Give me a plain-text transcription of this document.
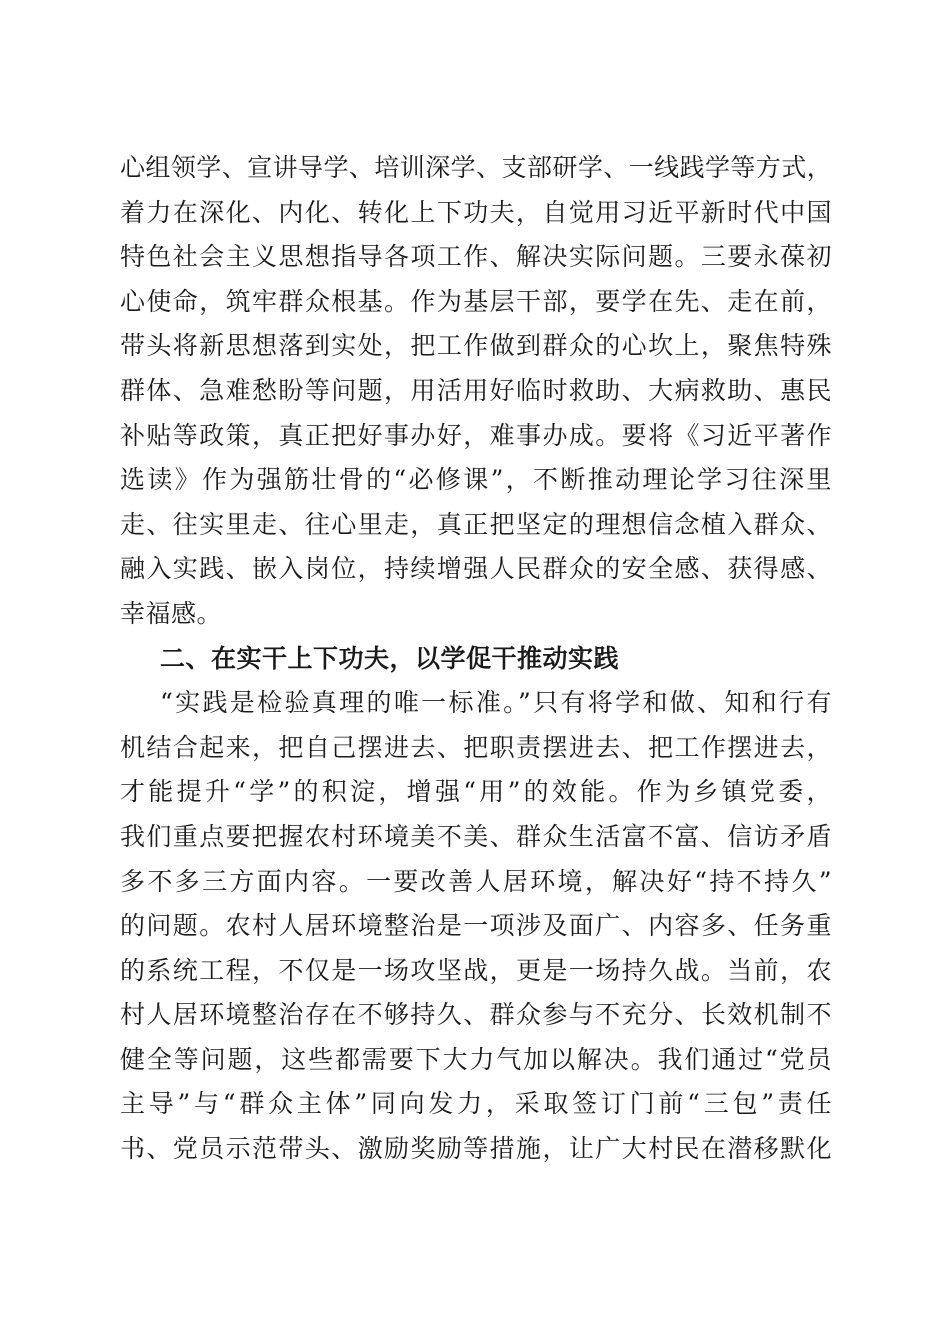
心组领学、宣讲导学、培训深学、支部研学、一线践学等方式，
着力在深化、内化、转化上下功夫，自觉用习近平新时代中国
特色社会主义思想指导各项工作、解决实际问题。三要永葆初
心使命，筑牢群众根基。作为基层干部，要学在先、走在前，
带头将新思想落到实处，把工作做到群众的心坎上，聚焦特殊
群体、急难愁盼等问题，用活用好临时救助、大病救助、惠民
补贴等政策，真正把好事办好，难事办成。要将《习近平著作
选读》作为强筋壮骨的“必修课”，不断推动理论学习往深里
走、往实里走、往心里走，真正把坚定的理想信念植入群众、
融入实践、嵌入岗位，持续增强人民群众的安全感、获得感、
幸福感。
二、在实干上下功夫，以学促干推动实践
“实践是检验真理的唯一标准。”只有将学和做、知和行有
机结合起来，把自己摆进去、把职责摆进去、把工作摆进去，
才能提升“学”的积淀，增强“用”的效能。作为乡镇党委，
我们重点要把握农村环境美不美、群众生活富不富、信访矛盾
多不多三方面内容。一要改善人居环境，解决好“持不持久”
的问题。农村人居环境整治是一项涉及面广、内容多、任务重
的系统工程，不仅是一场攻坚战，更是一场持久战。当前，农
村人居环境整治存在不够持久、群众参与不充分、长效机制不
健全等问题，这些都需要下大力气加以解决。我们通过“党员
主导”与“群众主体”同向发力，采取签订门前“三包”责任
书、党员示范带头、激励奖励等措施，让广大村民在潜移默化
